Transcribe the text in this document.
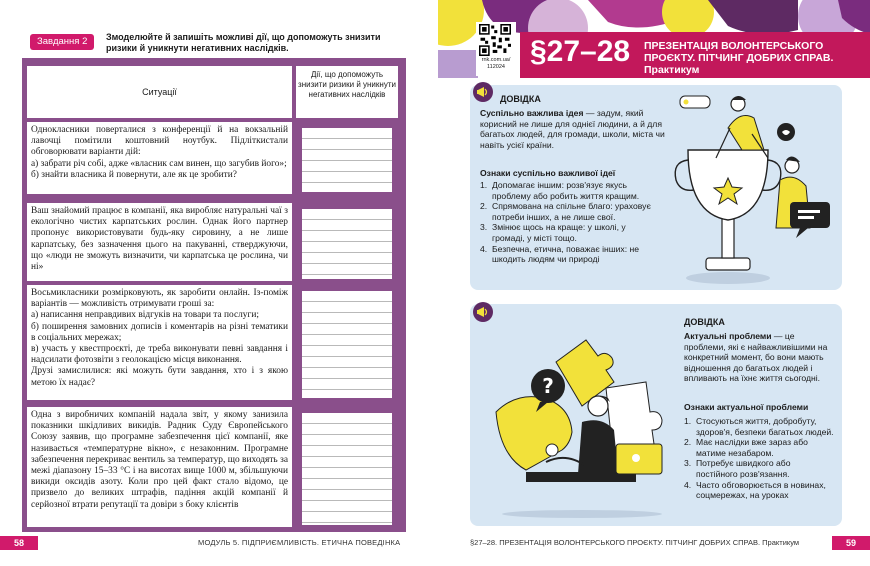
Завдання 2	Змоделюйте й запишіть можливі дії, що допоможуть знизити ризики й уникнути негативних наслідків.
Ситуації
Дії, що допоможуть знизити ризики й уникнути негативних наслідків
Однокласники поверталися з конференції й на вокзальній лавочці помітили коштовний ноутбук. Підліткистали обговорювати варіанти дій:
а) забрати річ собі, адже «власник сам винен, що загубив його»;
б) знайти власника й повернути, але як це зробити?
Ваш знайомий працює в компанії, яка виробляє натуральні чаї з екологічно чистих карпатських рослин. Однак його партнер пропонує використовувати будь-яку сировину, а не лише карпатську, без зазначення цього на пакуванні, стверджуючи, що «люди не зможуть визначити, чи карпатська це рослина, чи ні»
Восьмикласники розмірковують, як заробити онлайн. Із-поміж варіантів — можливість отримувати гроші за:
а) написання неправдивих відгуків на товари та послуги;
б) поширення замовних дописів і коментарів на різні тематики в соціальних мережах;
в) участь у квестпроєкті, де треба виконувати певні завдання і надсилати фотозвіти з геолокацією місця виконання.
Друзі замислилися: які можуть бути завдання, хто і з якою метою їх надає?
Одна з виробничих компаній надала звіт, у якому занизила показники шкідливих викидів. Радник Суду Європейського Союзу заявив, що програмне забезпечення цієї компанії, яке називається «температурне вікно», є незаконним. Програмне забезпечення перекриває вентиль за температур, що виходять за межі діапазону 15–33 °С і на висотах вище 1000 м, збільшуючи викиди оксидів азоту. Коли про цей факт стало відомо, це призвело до великих штрафів, падіння акцій компанії й серйозної втрати репутації та довіри з боку клієнтів
58	МОДУЛЬ 5. ПІДПРИЄМЛИВІСТЬ. ЕТИЧНА ПОВЕДІНКА
rnk.com.ua/
112024 §27–28 ПРЕЗЕНТАЦІЯ ВОЛОНТЕРСЬКОГО ПРОЄКТУ. ПІТЧИНГ ДОБРИХ СПРАВ. Практикум
ДОВІДКА
Суспільно важлива ідея — задум, який корисний не лише для однієї людини, а й для багатьох людей, для громади, школи, міста чи навіть усієї країни.
Ознаки суспільно важливої ідеї
1. Допомагає іншим: розв'язує якусь проблему або робить життя кращим.
2. Спрямована на спільне благо: ураховує потреби інших, а не лише свої.
3. Змінює щось на краще: у школі, у громаді, у місті тощо.
4. Безпечна, етична, поважає інших: не шкодить людям чи природі
ДОВІДКА
Актуальні проблеми — це проблеми, які є найважливішими на конкретний момент, бо вони мають відношення до багатьох людей і впливають на їхнє життя сьогодні.
Ознаки актуальної проблеми
1. Стосуються життя, добробуту, здоров'я, безпеки багатьох людей.
2. Має наслідки вже зараз або матиме незабаром.
3. Потребує швидкого або постійного розв'язання.
4. Часто обговорюється в новинах, соцмережах, на уроках
?
59
§27–28. ПРЕЗЕНТАЦІЯ ВОЛОНТЕРСЬКОГО ПРОЄКТУ. ПІТЧИНГ ДОБРИХ СПРАВ. Практикум
